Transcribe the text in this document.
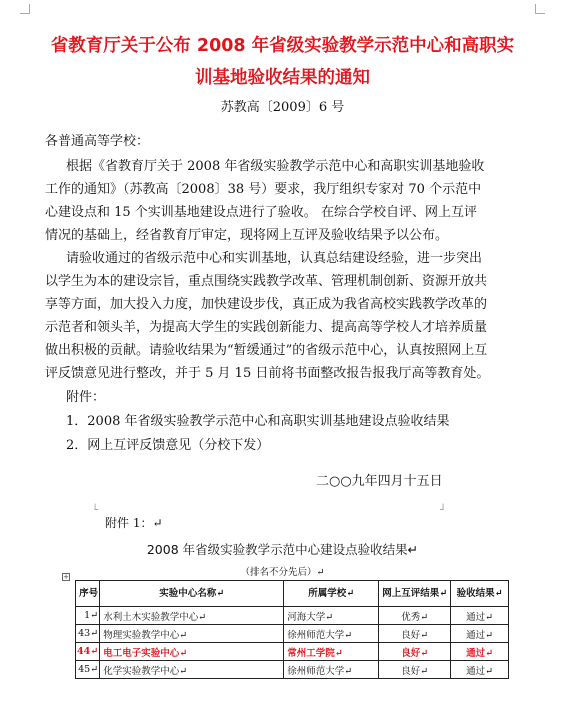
省教育厅关于公布 2008 年省级实验教学示范中心和高职实
训基地验收结果的通知
苏教高〔2009〕6 号
各普通高等学校：
根据《省教育厅关于 2008 年省级实验教学示范中心和高职实训基地验收
工作的通知》（苏教高〔2008〕38 号）要求，我厅组织专家对 70 个示范中
心建设点和 15 个实训基地建设点进行了验收。 在综合学校自评、网上互评
情况的基础上，经省教育厅审定，现将网上互评及验收结果予以公布。
请验收通过的省级示范中心和实训基地，认真总结建设经验，进一步突出
以学生为本的建设宗旨，重点围绕实践教学改革、管理机制创新、资源开放共
享等方面，加大投入力度，加快建设步伐，真正成为我省高校实践教学改革的
示范者和领头羊，为提高大学生的实践创新能力、提高高等学校人才培养质量
做出积极的贡献。请验收结果为“暂缓通过”的省级示范中心，认真按照网上互
评反馈意见进行整改，并于 5 月 15 日前将书面整改报告报我厅高等教育处。
附件：
1．2008 年省级实验教学示范中心和高职实训基地建设点验收结果
2．网上互评反馈意见（分校下发）
二○○九年四月十五日
└	┘
附件 1：↵
2008 年省级实验教学示范中心建设点验收结果↵
（排名不分先后）↵
+
序号	实验中心名称↵	所属学校↵	网上互评结果↵	验收结果↵
1↵	水利土木实验教学中心↵	河海大学↵	优秀↵	通过↵
43↵	物理实验教学中心↵	徐州师范大学↵	良好↵	通过↵
44↵	电工电子实验中心↵	常州工学院↵	良好↵	通过↵
45↵	化学实验教学中心↵	徐州师范大学↵	良好↵	通过↵
